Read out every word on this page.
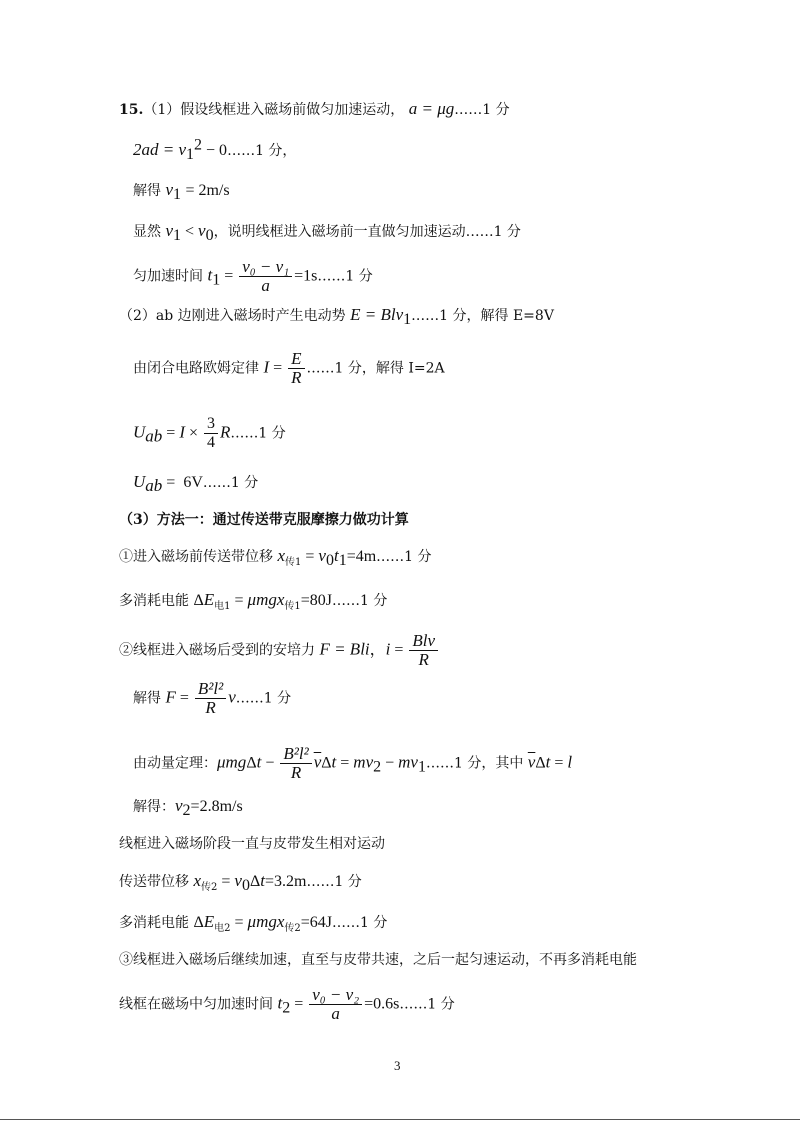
15.（1）假设线框进入磁场前做匀加速运动， a = μg……1 分
$2ad = v_1^2$ − 0……1 分，
解得 $v_1 = 2m/s$
显然 $v_1 < v_0$，说明线框进入磁场前一直做匀加速运动……1 分
匀加速时间 $t_1 = \frac{\text{v₀ − v₁}}{a}$ =1s……1 分
（2）ab 边刚进入磁场时产生电动势 E = Blv$_1$……1 分，解得 E=8V
由闭合电路欧姆定律 $I = \frac{E}{R}$ ……1 分，解得 I=2A
$U_{ab} = I \times \frac{3}{4}$ R……1 分
$U_{ab}$ =  6V……1 分
（3）方法一：通过传送带克服摩擦力做功计算
①进入磁场前传送带位移 $x_{传1}$ = $v_0t_1=4m\dots\dots 1$ 分
多消耗电能 $\Delta E_{电1}$ = μmgx$_{传1}$=80J……1 分
②线框进入磁场后受到的安培力 F = Bli，$i = \frac{\text{Blv}}{R}$
解得 $F = \frac{\text{B²l²}}{R}$ v……1 分
由动量定理：$\mu mg\Delta t - \frac{\text{B²l²}}{R} \overline{v}\Delta t = mv_2$ − $mv_1\dots\dots 1$ 分，其中 $\overline{v}\Delta t = l$
解得：$v_2=2.8m/s$
线框进入磁场阶段一直与皮带发生相对运动
传送带位移 $x_{传2}$ = $v_0\Delta t=3.2m\dots\dots 1$ 分
多消耗电能 $\Delta E_{电2}$ = μmgx$_{传2}$=64J……1 分
③线框进入磁场后继续加速，直至与皮带共速，之后一起匀速运动，不再多消耗电能
线框在磁场中匀加速时间 $t_2 = \frac{\text{v₀ − v₂}}{a}$ =0.6s……1 分
3
